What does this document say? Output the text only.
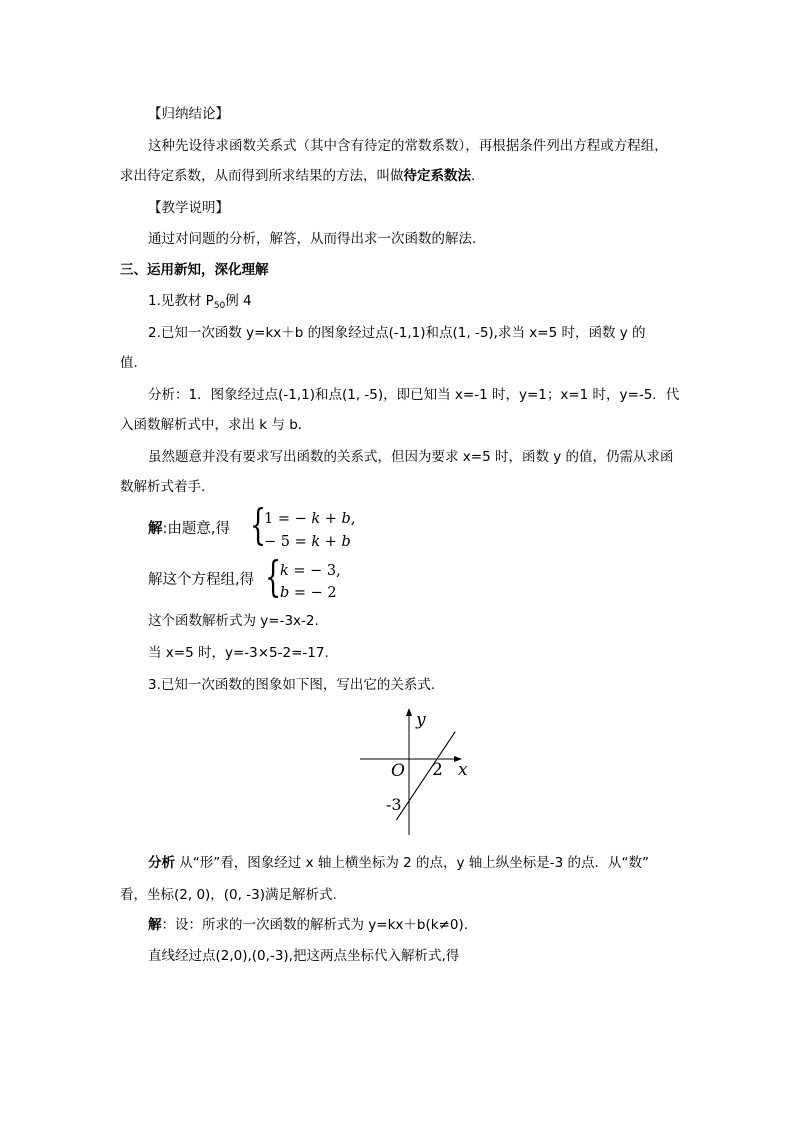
【归纳结论】
这种先设待求函数关系式（其中含有待定的常数系数），再根据条件列出方程或方程组，
求出待定系数，从而得到所求结果的方法，叫做待定系数法.
【教学说明】
通过对问题的分析，解答，从而得出求一次函数的解法.
三、运用新知，深化理解
1.见教材 $P_{50}$例 4
2.已知一次函数 y=kx＋b 的图象经过点(-1,1)和点(1, -5),求当 x=5 时，函数 y 的
值.
分析：1．图象经过点(-1,1)和点(1, -5)，即已知当 x=-1 时，y=1；x=1 时，y=-5．代
入函数解析式中，求出 k 与 b．
虽然题意并没有要求写出函数的关系式，但因为要求 x=5 时，函数 y 的值，仍需从求函
数解析式着手.
解:由题意,得 {
1 = − k + b,
− 5 = k + b
解这个方程组,得 {
k = − 3,
b = − 2
这个函数解析式为 y=-3x-2.
当 x=5 时，y=-3×5-2=-17.
3.已知一次函数的图象如下图，写出它的关系式.
y
x
O 2
-3
分析 从“形”看，图象经过 x 轴上横坐标为 2 的点，y 轴上纵坐标是-3 的点．从“数”
看，坐标(2, 0)，(0, -3)满足解析式.
解：设：所求的一次函数的解析式为 y=kx＋b(k≠0).
直线经过点(2,0),(0,-3),把这两点坐标代入解析式,得
